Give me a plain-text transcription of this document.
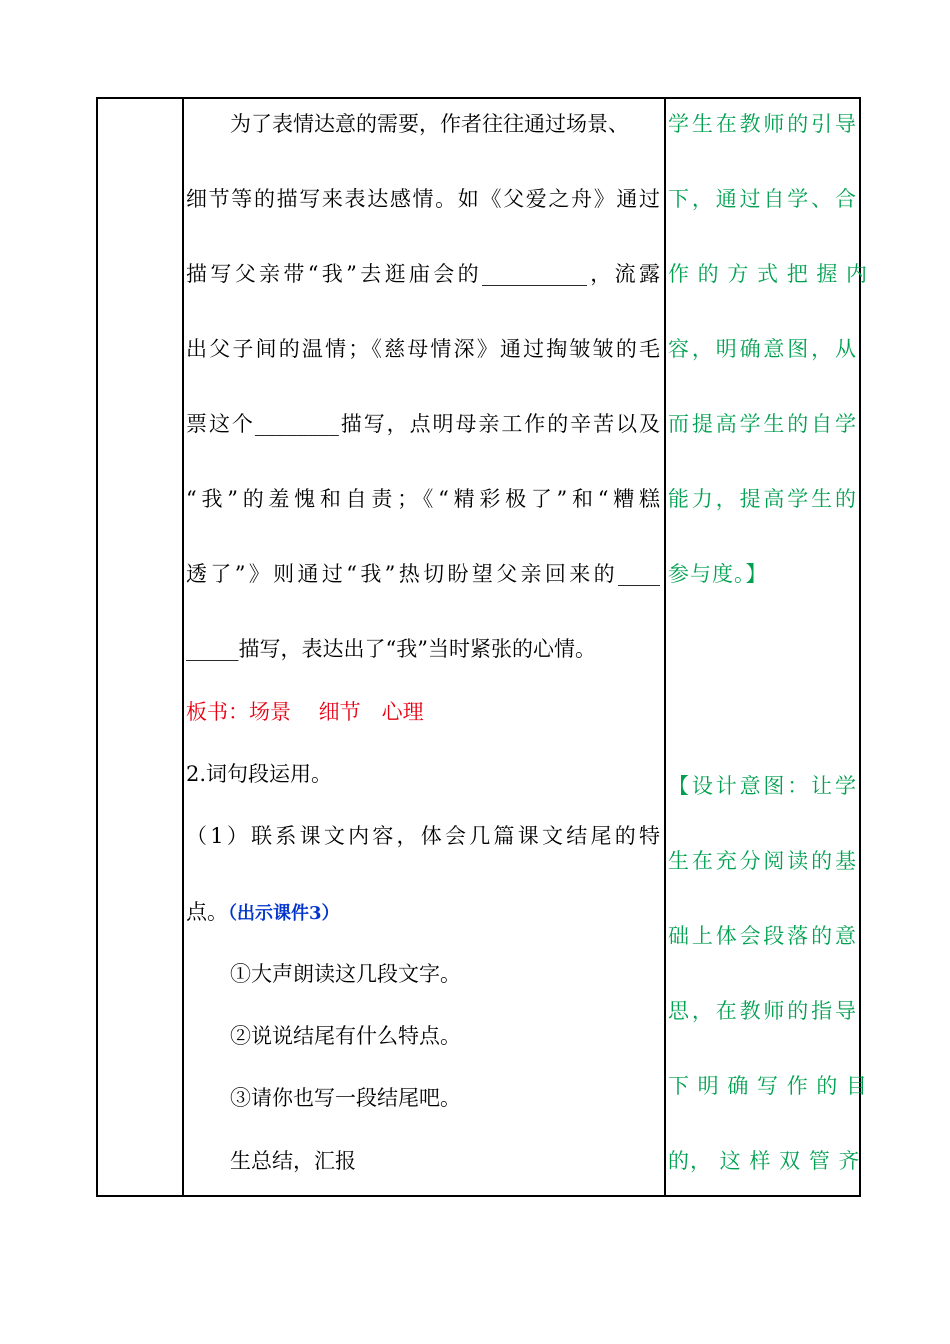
为了表情达意的需要，作者往往通过场景、
细节等的描写来表达感情。如《父爱之舟》通过
描写父亲带“我”去逛庙会的__________，流露
出父子间的温情；《慈母情深》通过掏皱皱的毛
票这个________描写，点明母亲工作的辛苦以及
“我”的羞愧和自责；《“精彩极了”和“糟糕
透了”》则通过“我”热切盼望父亲回来的____
_____描写，表达出了“我”当时紧张的心情。
板书：场景　 细节　心理
2.词句段运用。
（1）联系课文内容，体会几篇课文结尾的特
点。（出示课件3）
①大声朗读这几段文字。
②说说结尾有什么特点。
③请你也写一段结尾吧。
生总结，汇报

学生在教师的引导
下，通过自学、合
作 的 方 式 把 握 内
容，明确意图，从
而提高学生的自学
能力，提高学生的
参与度。】
【设计意图：让学
生在充分阅读的基
础上体会段落的意
思，在教师的指导
下 明 确 写 作 的 目
的， 这 样 双 管 齐
